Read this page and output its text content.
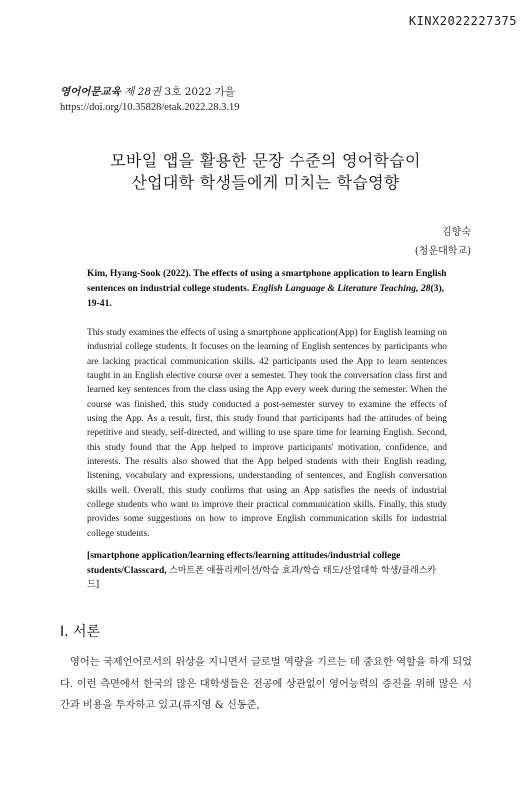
KINX2022227375
영어어문교육 제 28권 3호 2022 가을
https://doi.org/10.35828/etak.2022.28.3.19
모바일 앱을 활용한 문장 수준의 영어학습이
산업대학 학생들에게 미치는 학습영향
김향숙
(청운대학교)
Kim, Hyang-Sook (2022). The effects of using a smartphone application to learn English sentences on industrial college students. English Language & Literature Teaching, 28(3), 19-41.
This study examines the effects of using a smartphone application(App) for English learning on industrial college students. It focuses on the learning of English sentences by participants who are lacking practical communication skills. 42 participants used the App to learn sentences taught in an English elective course over a semester. They took the conversation class first and learned key sentences from the class using the App every week during the semester. When the course was finished, this study conducted a post-semester survey to examine the effects of using the App. As a result, first, this study found that participants had the attitudes of being repetitive and steady, self-directed, and willing to use spare time for learning English. Second, this study found that the App helped to improve participants' motivation, confidence, and interests. The results also showed that the App helped students with their English reading, listening, vocabulary and expressions, understanding of sentences, and English conversation skills well. Overall, this study confirms that using an App satisfies the needs of industrial college students who want to improve their practical communication skills. Finally, this study provides some suggestions on how to improve English communication skills for industrial college students.
[smartphone application/learning effects/learning attitudes/industrial college students/Classcard, 스마트폰 애플리케이션/학습 효과/학습 태도/산업대학 학생/클래스카드]
I. 서론
영어는 국제언어로서의 위상을 지니면서 글로벌 역량을 기르는 데 중요한 역할을 하게 되었다. 이런 측면에서 한국의 많은 대학생들은 전공에 상관없이 영어능력의 증진을 위해 많은 시간과 비용을 투자하고 있고(류지영 & 신동준,
